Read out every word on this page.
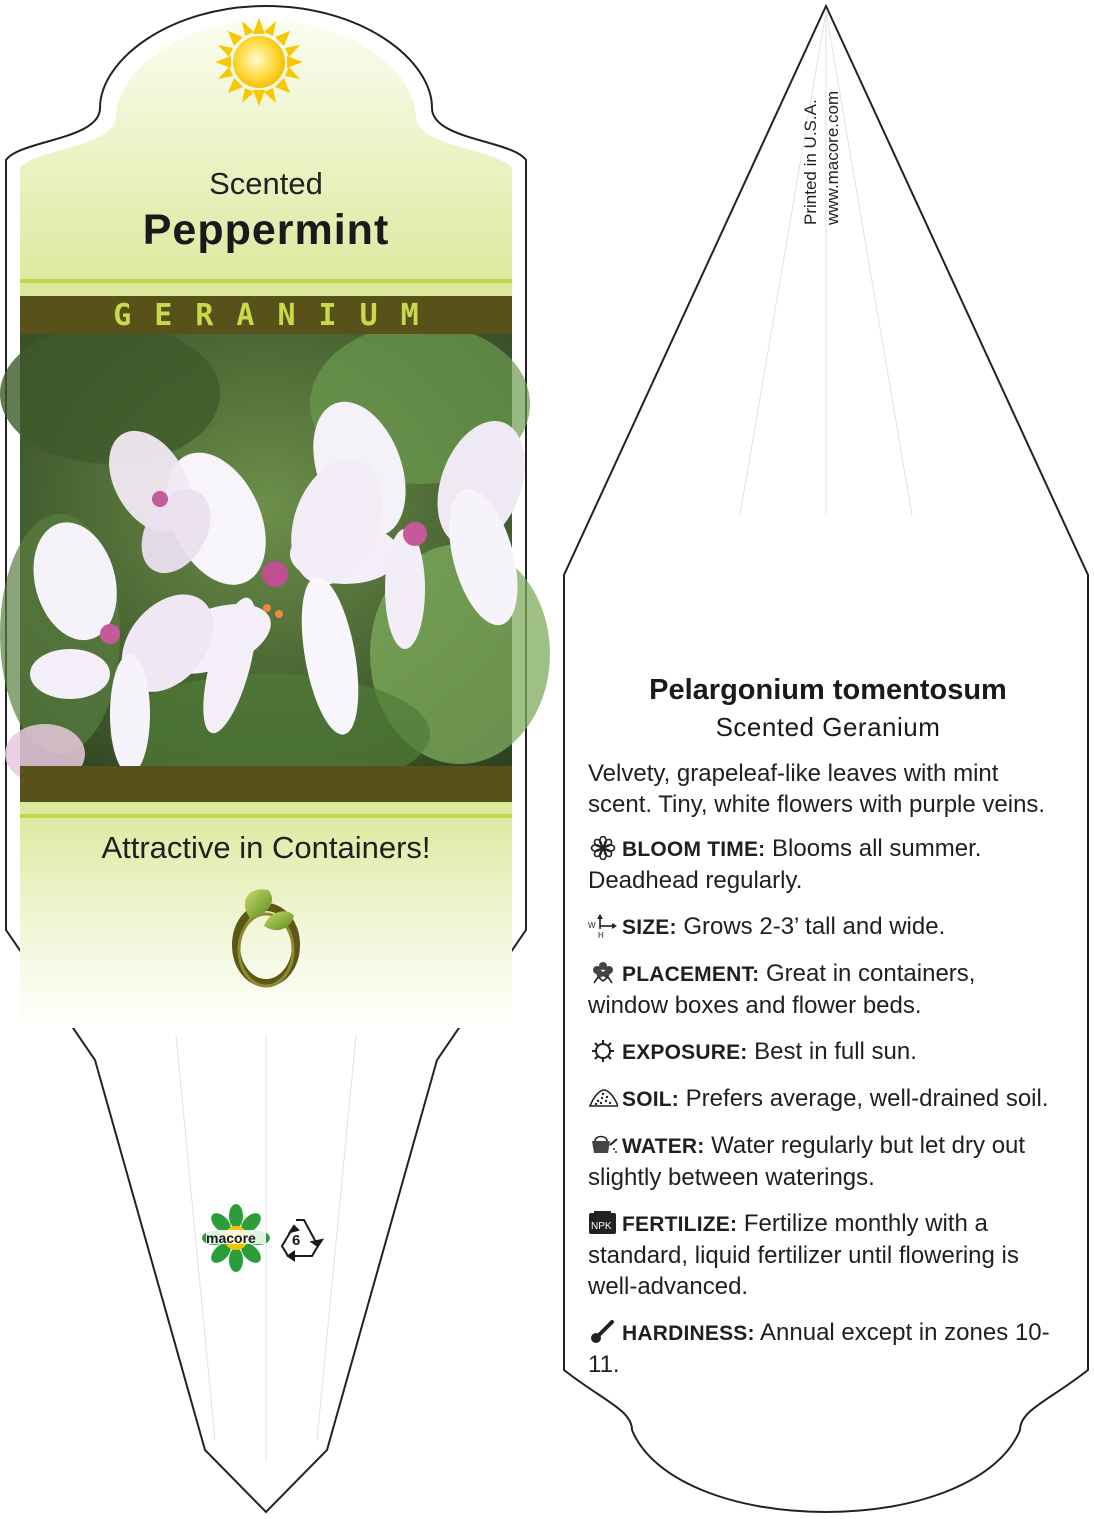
Scented
Peppermint
GERANIUM
Attractive in Containers!
macore 6
Printed in U.S.A. www.macore.com
Pelargonium tomentosum
Scented Geranium

Velvety, grapeleaf-like leaves with mint scent. Tiny, white flowers with purple veins.

BLOOM TIME: Blooms all summer. Deadhead regularly.

W
H SIZE: Grows 2-3’ tall and wide.

PLACEMENT: Great in containers, window boxes and flower beds.

EXPOSURE: Best in full sun.

SOIL: Prefers average, well-drained soil.

WATER: Water regularly but let dry out slightly between waterings.

NPK FERTILIZE: Fertilize monthly with a standard, liquid fertilizer until flowering is well-advanced.

HARDINESS: Annual except in zones 10-11.
